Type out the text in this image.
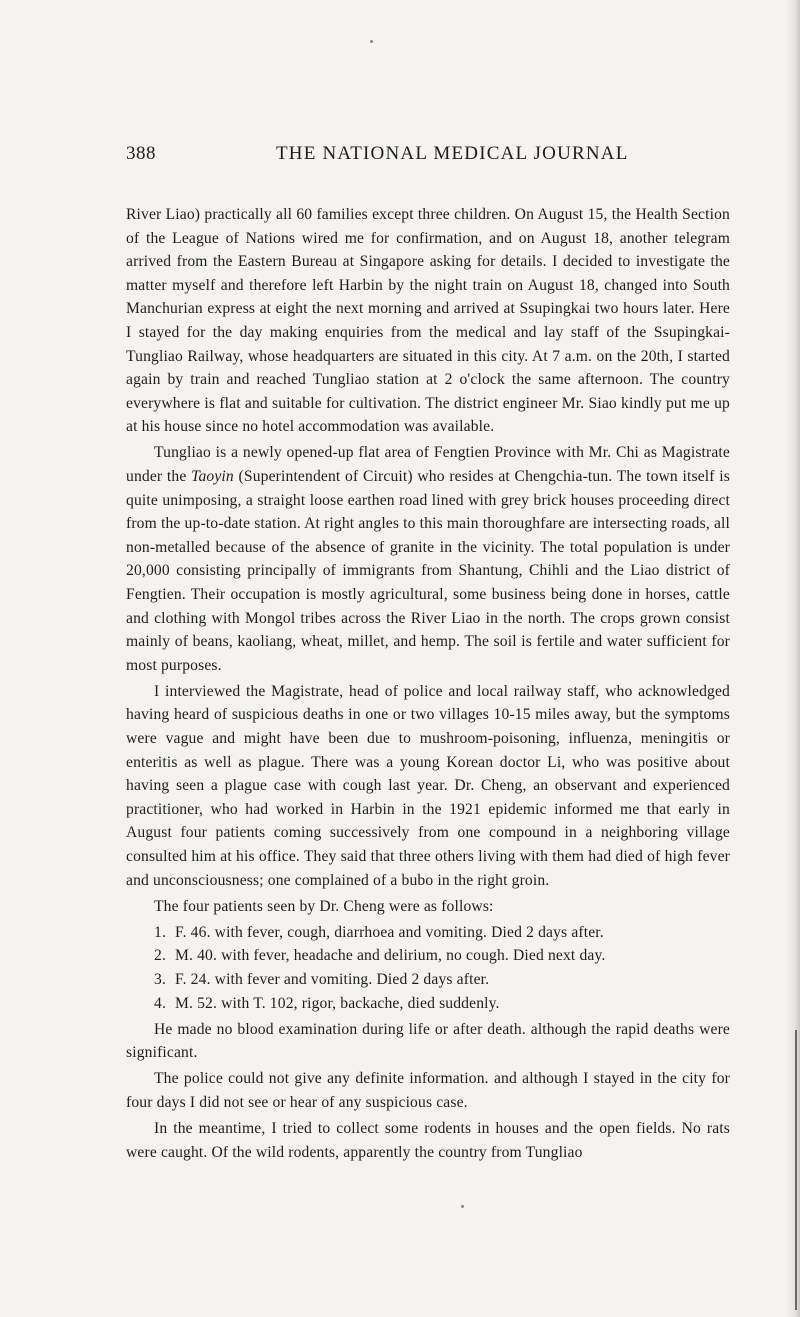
388	THE NATIONAL MEDICAL JOURNAL

River Liao) practically all 60 families except three children. On August 15, the Health Section of the League of Nations wired me for confirmation, and on August 18, another telegram arrived from the Eastern Bureau at Singapore asking for details. I decided to investigate the matter myself and therefore left Harbin by the night train on August 18, changed into South Manchurian express at eight the next morning and arrived at Ssupingkai two hours later. Here I stayed for the day making enquiries from the medical and lay staff of the Ssupingkai-Tungliao Railway, whose headquarters are situated in this city. At 7 a.m. on the 20th, I started again by train and reached Tungliao station at 2 o'clock the same afternoon. The country everywhere is flat and suitable for cultivation. The district engineer Mr. Siao kindly put me up at his house since no hotel accommodation was available.

Tungliao is a newly opened-up flat area of Fengtien Province with Mr. Chi as Magistrate under the Taoyin (Superintendent of Circuit) who resides at Chengchia-tun. The town itself is quite unimposing, a straight loose earthen road lined with grey brick houses proceeding direct from the up-to-date station. At right angles to this main thoroughfare are intersecting roads, all non-metalled because of the absence of granite in the vicinity. The total population is under 20,000 consisting principally of immigrants from Shantung, Chihli and the Liao district of Fengtien. Their occupation is mostly agricultural, some business being done in horses, cattle and clothing with Mongol tribes across the River Liao in the north. The crops grown consist mainly of beans, kaoliang, wheat, millet, and hemp. The soil is fertile and water sufficient for most purposes.

I interviewed the Magistrate, head of police and local railway staff, who acknowledged having heard of suspicious deaths in one or two villages 10-15 miles away, but the symptoms were vague and might have been due to mushroom-poisoning, influenza, meningitis or enteritis as well as plague. There was a young Korean doctor Li, who was positive about having seen a plague case with cough last year. Dr. Cheng, an observant and experienced practitioner, who had worked in Harbin in the 1921 epidemic informed me that early in August four patients coming successively from one compound in a neighboring village consulted him at his office. They said that three others living with them had died of high fever and unconsciousness; one complained of a bubo in the right groin.

The four patients seen by Dr. Cheng were as follows:

1. F. 46. with fever, cough, diarrhoea and vomiting. Died 2 days after.
2. M. 40. with fever, headache and delirium, no cough. Died next day.
3. F. 24. with fever and vomiting. Died 2 days after.
4. M. 52. with T. 102, rigor, backache, died suddenly.

He made no blood examination during life or after death. although the rapid deaths were significant.

The police could not give any definite information. and although I stayed in the city for four days I did not see or hear of any suspicious case.

In the meantime, I tried to collect some rodents in houses and the open fields. No rats were caught. Of the wild rodents, apparently the country from Tungliao
